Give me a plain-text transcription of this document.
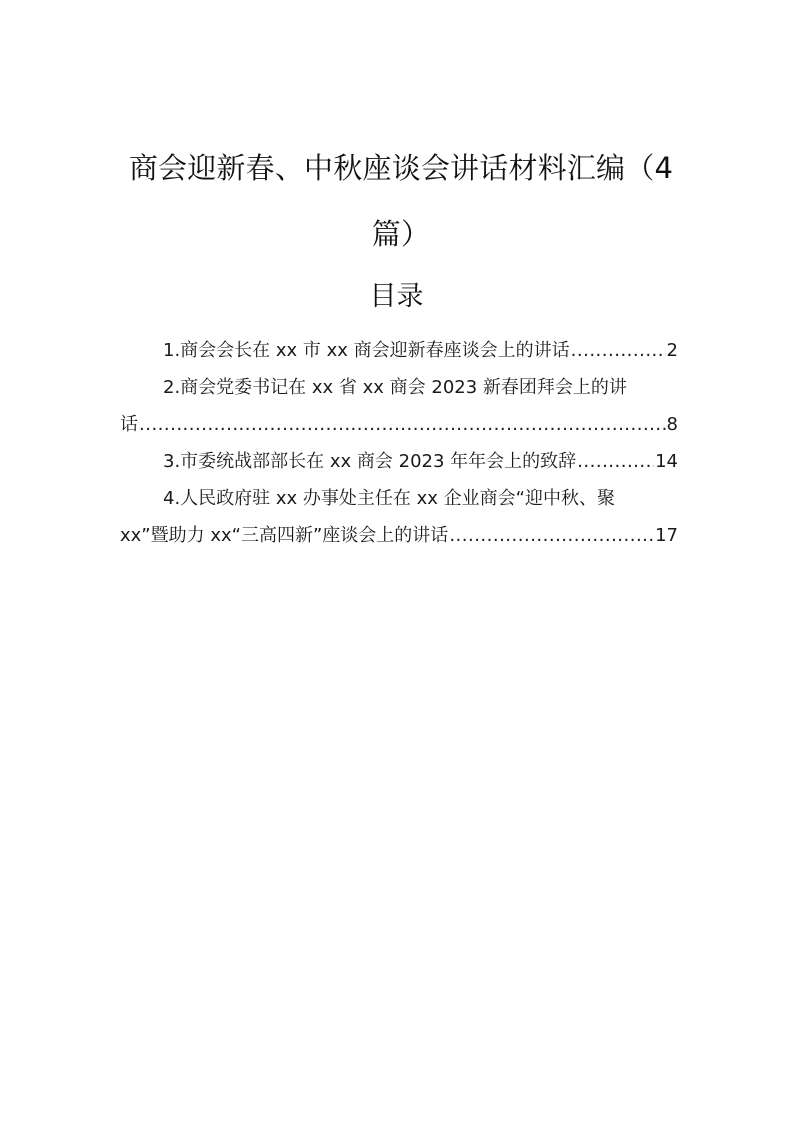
商会迎新春、中秋座谈会讲话材料汇编（4
篇）
目录
1.商会会长在 xx 市 xx 商会迎新春座谈会上的讲话 .....	2
2.商会党委书记在 xx 省 xx 商会 2023 新春团拜会上的讲
话 .....	8
3.市委统战部部长在 xx 商会 2023 年年会上的致辞 .....	14
4.人民政府驻 xx 办事处主任在 xx 企业商会“迎中秋、聚
xx”暨助力 xx“三高四新”座谈会上的讲话 .....	17
